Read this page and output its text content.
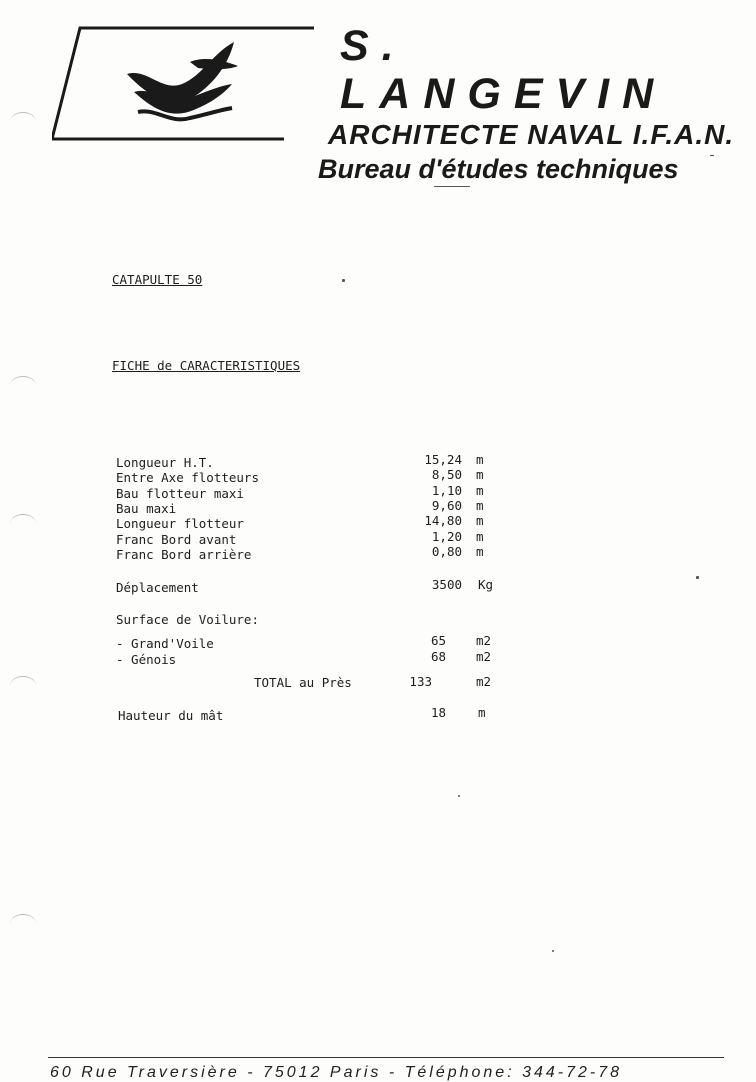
S. LANGEVIN
ARCHITECTE NAVAL I.F.A.N.
Bureau d'études techniques
CATAPULTE 50
FICHE de CARACTERISTIQUES
Longueur H.T.	15,24 m
Entre Axe flotteurs	8,50 m
Bau flotteur maxi	1,10 m
Bau maxi	9,60 m
Longueur flotteur	14,80 m
Franc Bord avant	1,20 m
Franc Bord arrière	0,80 m
Déplacement	3500 Kg
Surface de Voilure:
- Grand'Voile	65 m2
- Génois	68 m2
TOTAL au Près	133	m2
Hauteur du mât	18	m
60 Rue Traversière - 75012 Paris - Téléphone: 344-72-78
